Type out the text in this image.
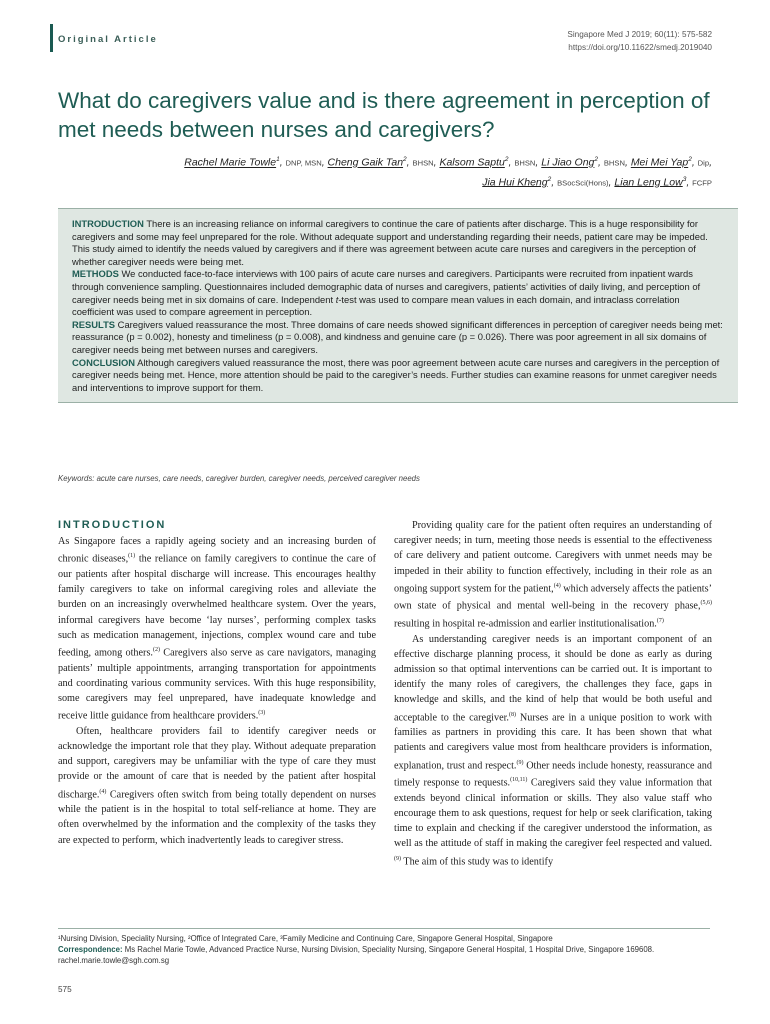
Original Article	Singapore Med J 2019; 60(11): 575-582
https://doi.org/10.11622/smedj.2019040
What do caregivers value and is there agreement in perception of met needs between nurses and caregivers?
Rachel Marie Towle$^1$, DNP, MSN, Cheng Gaik Tan$^2$, BHSN, Kalsom Saptu$^2$, BHSN, Li Jiao Ong$^2$, BHSN, Mei Mei Yap$^2$, Dip,
Jia Hui Kheng$^2$, BSocSci(Hons), Lian Leng Low$^3$, FCFP

INTRODUCTION There is an increasing reliance on informal caregivers to continue the care of patients after discharge. This is a huge responsibility for caregivers and some may feel unprepared for the role. Without adequate support and understanding regarding their needs, patient care may be impeded. This study aimed to identify the needs valued by caregivers and if there was agreement between acute care nurses and caregivers in the perception of whether caregiver needs were being met.

METHODS We conducted face-to-face interviews with 100 pairs of acute care nurses and caregivers. Participants were recruited from inpatient wards through convenience sampling. Questionnaires included demographic data of nurses and caregivers, patients’ activities of daily living, and perception of caregiver needs being met in six domains of care. Independent t-test was used to compare mean values in each domain, and intraclass correlation coefficient was used to compare agreement in perception.

RESULTS Caregivers valued reassurance the most. Three domains of care needs showed significant differences in perception of caregiver needs being met: reassurance (p = 0.002), honesty and timeliness (p = 0.008), and kindness and genuine care (p = 0.026). There was poor agreement in all six domains of caregiver needs being met between nurses and caregivers.

CONCLUSION Although caregivers valued reassurance the most, there was poor agreement between acute care nurses and caregivers in the perception of caregiver needs being met. Hence, more attention should be paid to the caregiver’s needs. Further studies can examine reasons for unmet caregiver needs and interventions to improve support for them.

Keywords: acute care nurses, care needs, caregiver burden, caregiver needs, perceived caregiver needs
INTRODUCTION

As Singapore faces a rapidly ageing society and an increasing burden of chronic diseases,$^{(1)}$ the reliance on family caregivers to continue the care of our patients after hospital discharge will increase. This encourages healthy family caregivers to take on informal caregiving roles and alleviate the burden on an increasingly overwhelmed healthcare system. Over the years, informal caregivers have become ‘lay nurses’, performing complex tasks such as medication management, injections, complex wound care and tube feeding, among others.$^{(2)}$ Caregivers also serve as care navigators, managing patients’ multiple appointments, arranging transportation for appointments and coordinating various community services. With this huge responsibility, some caregivers may feel unprepared, have inadequate knowledge and receive little guidance from healthcare providers.$^{(3)}$

Often, healthcare providers fail to identify caregiver needs or acknowledge the important role that they play. Without adequate preparation and support, caregivers may be unfamiliar with the type of care they must provide or the amount of care that is needed by the patient after hospital discharge.$^{(4)}$ Caregivers often switch from being totally dependent on nurses while the patient is in the hospital to total self-reliance at home. They are often overwhelmed by the information and the complexity of the tasks they are expected to perform, which inadvertently leads to caregiver stress.

Providing quality care for the patient often requires an understanding of caregiver needs; in turn, meeting those needs is essential to the effectiveness of care delivery and patient outcome. Caregivers with unmet needs may be impeded in their ability to function effectively, including in their role as an ongoing support system for the patient,$^{(4)}$ which adversely affects the patients’ own state of physical and mental well-being in the recovery phase,$^{(5,6)}$ resulting in hospital re-admission and earlier institutionalisation.$^{(7)}$

As understanding caregiver needs is an important component of an effective discharge planning process, it should be done as early as during admission so that optimal interventions can be carried out. It is important to identify the many roles of caregivers, the challenges they face, gaps in knowledge and skills, and the kind of help that would be both useful and acceptable to the caregiver.$^{(8)}$ Nurses are in a unique position to work with families as partners in providing this care. It has been shown that what patients and caregivers value most from healthcare providers is information, explanation, trust and respect.$^{(9)}$ Other needs include honesty, reassurance and timely response to requests.$^{(10,11)}$ Caregivers said they value information that extends beyond clinical information or skills. They also value staff who encourage them to ask questions, request for help or seek clarification, taking time to explain and checking if the caregiver understood the information, as well as the attitude of staff in making the caregiver feel respected and valued.$^{(9)}$ The aim of this study was to identify

¹Nursing Division, Speciality Nursing, ²Office of Integrated Care, ³Family Medicine and Continuing Care, Singapore General Hospital, Singapore
Correspondence: Ms Rachel Marie Towle, Advanced Practice Nurse, Nursing Division, Speciality Nursing, Singapore General Hospital, 1 Hospital Drive, Singapore 169608.
rachel.marie.towle@sgh.com.sg
575
